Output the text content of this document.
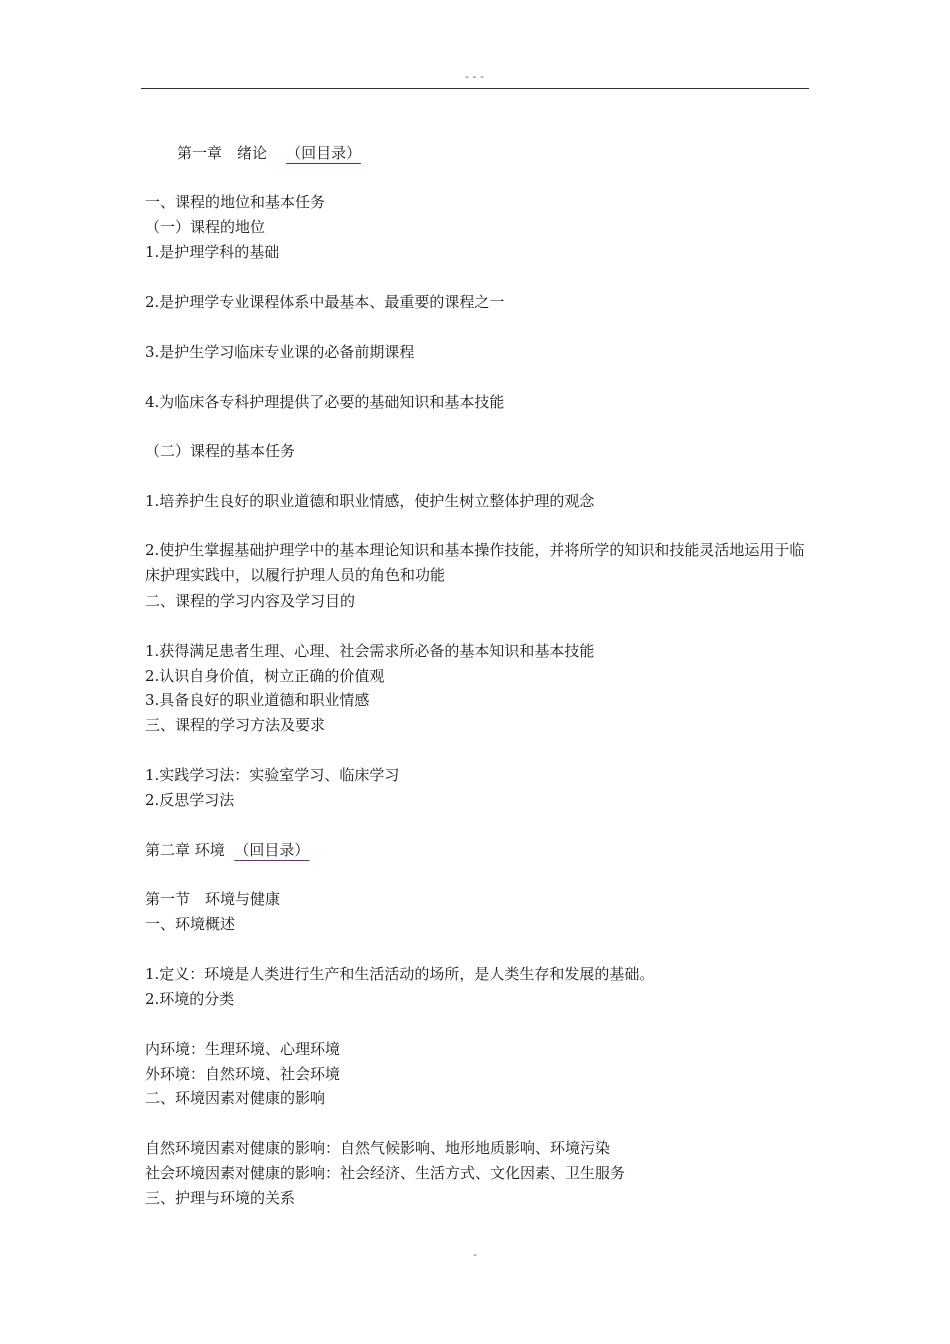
---
第一章　绪论 （回目录）
一、课程的地位和基本任务
（一）课程的地位
1.是护理学科的基础
2.是护理学专业课程体系中最基本、最重要的课程之一
3.是护生学习临床专业课的必备前期课程
4.为临床各专科护理提供了必要的基础知识和基本技能
（二）课程的基本任务
1.培养护生良好的职业道德和职业情感，使护生树立整体护理的观念
2.使护生掌握基础护理学中的基本理论知识和基本操作技能，并将所学的知识和技能灵活地运用于临床护理实践中，以履行护理人员的角色和功能
二、课程的学习内容及学习目的
1.获得满足患者生理、心理、社会需求所必备的基本知识和基本技能
2.认识自身价值，树立正确的价值观
3.具备良好的职业道德和职业情感
三、课程的学习方法及要求
1.实践学习法：实验室学习、临床学习
2.反思学习法
第二章 环境 （回目录）
第一节　环境与健康
一、环境概述
1.定义：环境是人类进行生产和生活活动的场所，是人类生存和发展的基础。
2.环境的分类
内环境：生理环境、心理环境
外环境：自然环境、社会环境
二、环境因素对健康的影响
自然环境因素对健康的影响：自然气候影响、地形地质影响、环境污染
社会环境因素对健康的影响：社会经济、生活方式、文化因素、卫生服务
三、护理与环境的关系
-
